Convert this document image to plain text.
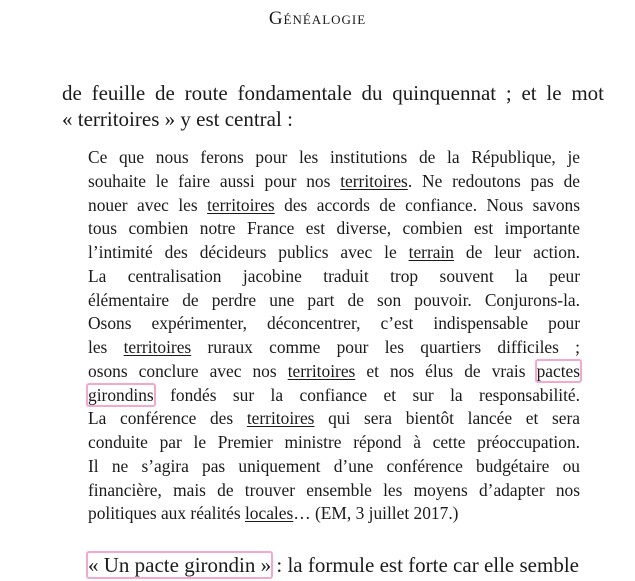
Généalogie
de feuille de route fondamentale du quinquennat ; et le mot
« territoires » y est central :
Ce que nous ferons pour les institutions de la République, je
souhaite le faire aussi pour nos territoires. Ne redoutons pas de
nouer avec les territoires des accords de confiance. Nous savons
tous combien notre France est diverse, combien est importante
l’intimité des décideurs publics avec le terrain de leur action.
La centralisation jacobine traduit trop souvent la peur
élémentaire de perdre une part de son pouvoir. Conjurons-la.
Osons expérimenter, déconcentrer, c’est indispensable pour
les territoires ruraux comme pour les quartiers difficiles ;
osons conclure avec nos territoires et nos élus de vrais pactes
girondins fondés sur la confiance et sur la responsabilité.
La conférence des territoires qui sera bientôt lancée et sera
conduite par le Premier ministre répond à cette préoccupation.
Il ne s’agira pas uniquement d’une conférence budgétaire ou
financière, mais de trouver ensemble les moyens d’adapter nos
politiques aux réalités locales… (EM, 3 juillet 2017.)
« Un pacte girondin » : la formule est forte car elle semble
